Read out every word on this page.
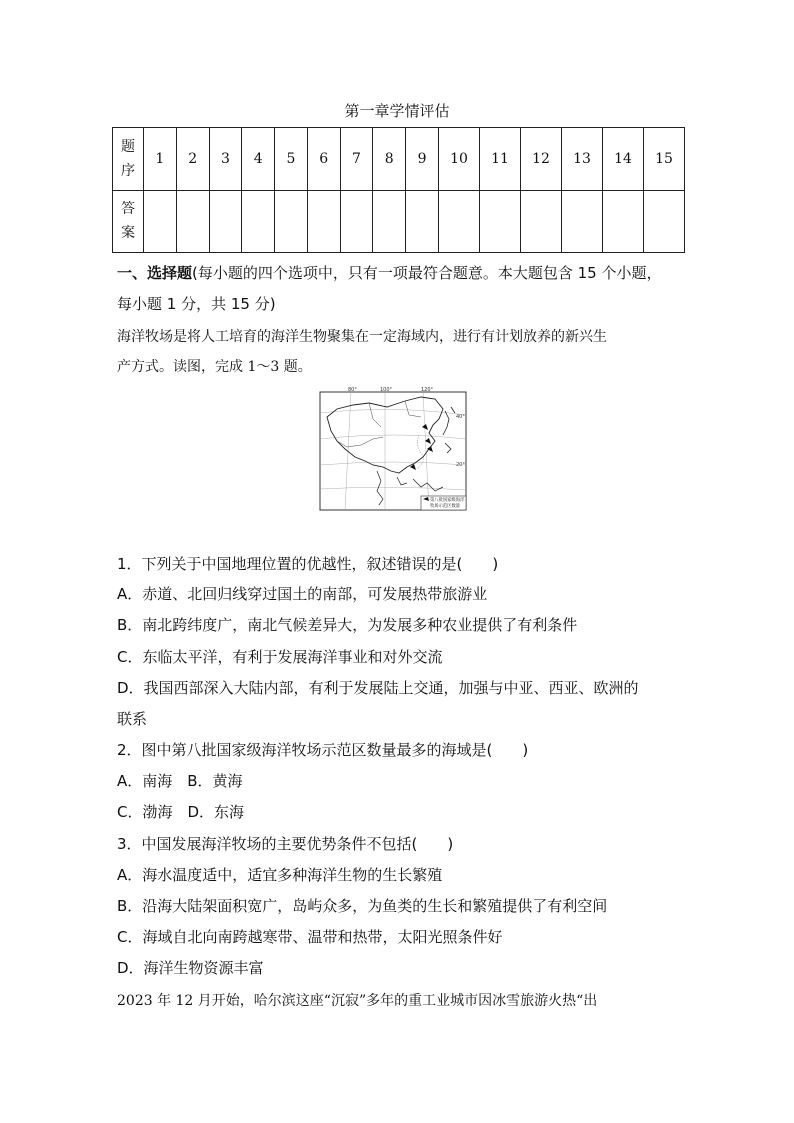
第一章学情评估
题
序	1	2	3	4	5	6	7	8	9	10	11	12	13	14	15
答
案															
一、选择题(每小题的四个选项中，只有一项最符合题意。本大题包含 15 个小题，
每小题 1 分，共 15 分)
海洋牧场是将人工培育的海洋生物聚集在一定海域内，进行有计划放养的新兴生
产方式。读图，完成 1～3 题。
80°	100°	120°
40°
20°
第八批国家级海洋
牧场示范区数量
1．下列关于中国地理位置的优越性，叙述错误的是(　　)
A．赤道、北回归线穿过国土的南部，可发展热带旅游业
B．南北跨纬度广，南北气候差异大，为发展多种农业提供了有利条件
C．东临太平洋，有利于发展海洋事业和对外交流
D．我国西部深入大陆内部，有利于发展陆上交通，加强与中亚、西亚、欧洲的
联系
2．图中第八批国家级海洋牧场示范区数量最多的海域是(　　)
A．南海　B．黄海
C．渤海　D．东海
3．中国发展海洋牧场的主要优势条件不包括(　　)
A．海水温度适中，适宜多种海洋生物的生长繁殖
B．沿海大陆架面积宽广，岛屿众多，为鱼类的生长和繁殖提供了有利空间
C．海域自北向南跨越寒带、温带和热带，太阳光照条件好
D．海洋生物资源丰富
2023 年 12 月开始，哈尔滨这座“沉寂”多年的重工业城市因冰雪旅游火热“出
